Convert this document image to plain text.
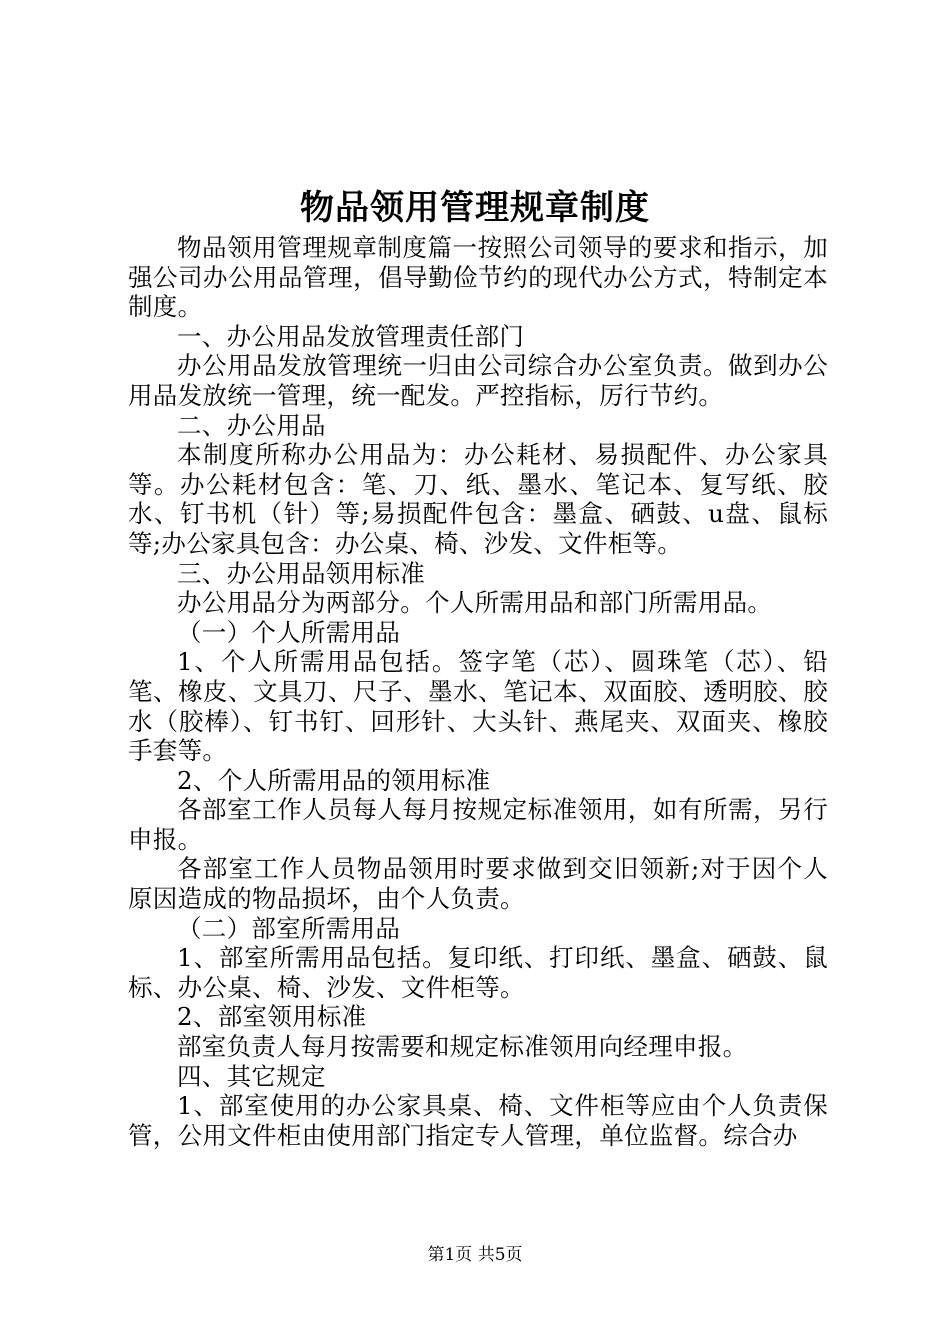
物品领用管理规章制度

物品领用管理规章制度篇一按照公司领导的要求和指示，加强公司办公用品管理，倡导勤俭节约的现代办公方式，特制定本制度。

一、办公用品发放管理责任部门

办公用品发放管理统一归由公司综合办公室负责。做到办公用品发放统一管理，统一配发。严控指标，厉行节约。

二、办公用品

本制度所称办公用品为：办公耗材、易损配件、办公家具等。办公耗材包含：笔、刀、纸、墨水、笔记本、复写纸、胶水、钉书机（针）等;易损配件包含：墨盒、硒鼓、u盘、鼠标等;办公家具包含：办公桌、椅、沙发、文件柜等。

三、办公用品领用标准

办公用品分为两部分。个人所需用品和部门所需用品。

（一）个人所需用品

1、个人所需用品包括。签字笔（芯）、圆珠笔（芯）、铅笔、橡皮、文具刀、尺子、墨水、笔记本、双面胶、透明胶、胶水（胶棒）、钉书钉、回形针、大头针、燕尾夹、双面夹、橡胶手套等。

2、个人所需用品的领用标准

各部室工作人员每人每月按规定标准领用，如有所需，另行申报。

各部室工作人员物品领用时要求做到交旧领新;对于因个人原因造成的物品损坏，由个人负责。

（二）部室所需用品

1、部室所需用品包括。复印纸、打印纸、墨盒、硒鼓、鼠标、办公桌、椅、沙发、文件柜等。

2、部室领用标准

部室负责人每月按需要和规定标准领用向经理申报。

四、其它规定

1、部室使用的办公家具桌、椅、文件柜等应由个人负责保管，公用文件柜由使用部门指定专人管理，单位监督。综合办

第1页 共5页
